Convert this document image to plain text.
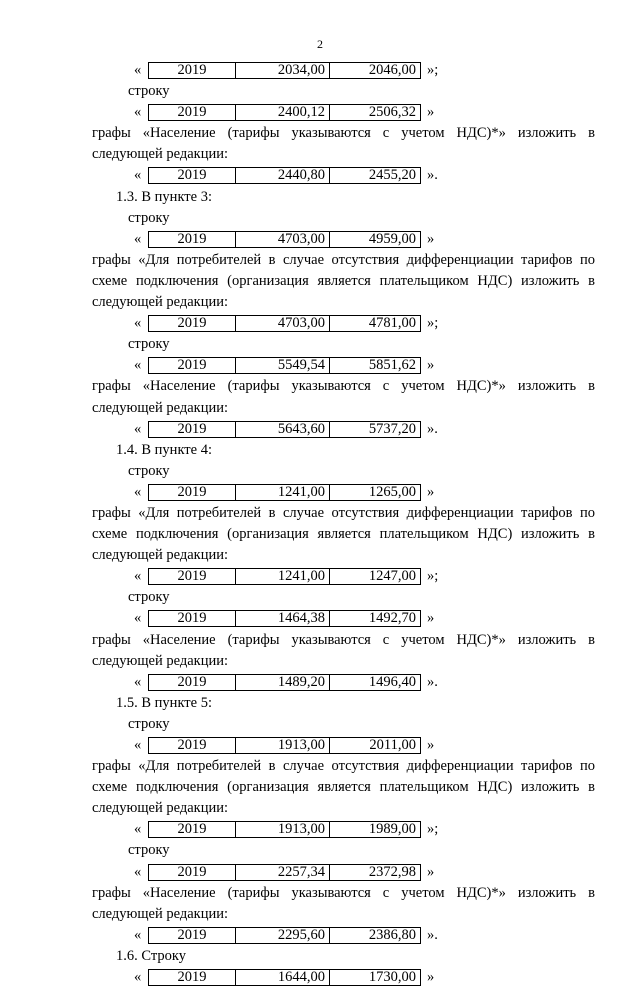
2
«	2019	2034,00	2046,00 »;
строку
«	2019	2400,12	2506,32 »
графы «Население (тарифы указываются с учетом НДС)*» изложить в
следующей редакции:
«	2019	2440,80	2455,20 ».
1.3. В пункте 3:
строку
«	2019	4703,00	4959,00 »
графы «Для потребителей в случае отсутствия дифференциации тарифов по
схеме подключения (организация является плательщиком НДС) изложить в
следующей редакции:
«	2019	4703,00	4781,00 »;
строку
«	2019	5549,54	5851,62 »
графы «Население (тарифы указываются с учетом НДС)*» изложить в
следующей редакции:
«	2019	5643,60	5737,20 ».
1.4. В пункте 4:
строку
«	2019	1241,00	1265,00 »
графы «Для потребителей в случае отсутствия дифференциации тарифов по
схеме подключения (организация является плательщиком НДС) изложить в
следующей редакции:
«	2019	1241,00	1247,00 »;
строку
«	2019	1464,38	1492,70 »
графы «Население (тарифы указываются с учетом НДС)*» изложить в
следующей редакции:
«	2019	1489,20	1496,40 ».
1.5. В пункте 5:
строку
«	2019	1913,00	2011,00 »
графы «Для потребителей в случае отсутствия дифференциации тарифов по
схеме подключения (организация является плательщиком НДС) изложить в
следующей редакции:
«	2019	1913,00	1989,00 »;
строку
«	2019	2257,34	2372,98 »
графы «Население (тарифы указываются с учетом НДС)*» изложить в
следующей редакции:
«	2019	2295,60	2386,80 ».
1.6. Строку
«	2019	1644,00	1730,00 »
